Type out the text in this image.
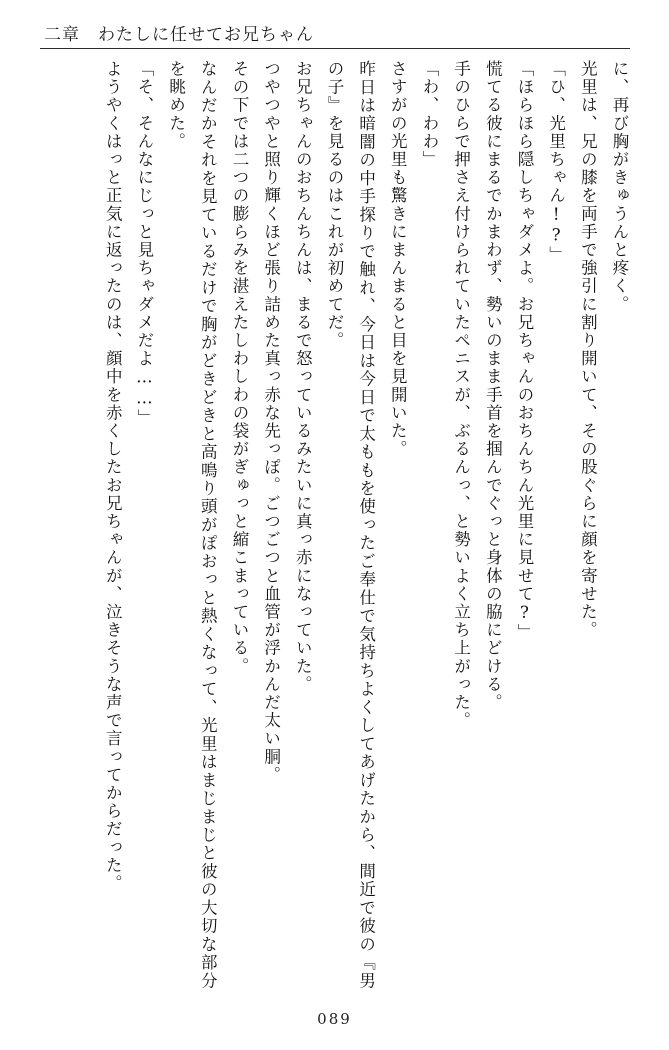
二章 わたしに任せてお兄ちゃん

に、再び胸がきゅうんと疼く。

光里は、兄の膝を両手で強引に割り開いて、その股ぐらに顔を寄せた。

「ひ、光里ちゃん!?」

「ほらほら隠しちゃダメよ。お兄ちゃんのおちんちん光里に見せて?」

慌てる彼にまるでかまわず、勢いのまま手首を掴んでぐっと身体の脇にどける。

手のひらで押さえ付けられていたペニスが、ぶるんっ、と勢いよく立ち上がった。

「わ、わわ」

さすがの光里も驚きにまんまると目を見開いた。

昨日は暗闇の中手探りで触れ、今日は今日で太ももを使ったご奉仕で気持ちよくしてあげたから、間近で彼の『男の子』を見るのはこれが初めてだ。

お兄ちゃんのおちんちんは、まるで怒っているみたいに真っ赤になっていた。

つやつやと照り輝くほど張り詰めた真っ赤な先っぽ。ごつごつと血管が浮かんだ太い胴。

その下では二つの膨らみを湛えたしわしわの袋がぎゅっと縮こまっている。

なんだかそれを見ているだけで胸がどきどきと高鳴り頭がぽおっと熱くなって、光里はまじまじと彼の大切な部分を眺めた。

「そ、そんなにじっと見ちゃダメだよ……」

ようやくはっと正気に返ったのは、顔中を赤くしたお兄ちゃんが、泣きそうな声で言ってからだった。

089
